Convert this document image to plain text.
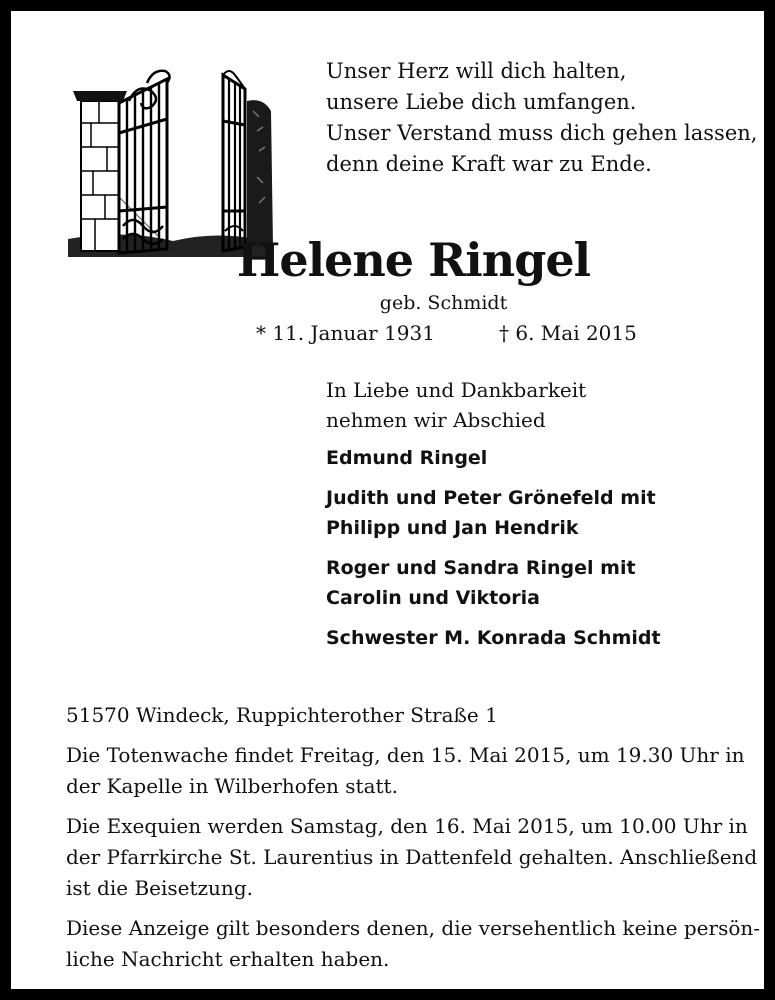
Unser Herz will dich halten,
unsere Liebe dich umfangen.
Unser Verstand muss dich gehen lassen,
denn deine Kraft war zu Ende.
Helene Ringel
geb. Schmidt
* 11. Januar 1931	† 6. Mai 2015
In Liebe und Dankbarkeit
nehmen wir Abschied
Edmund Ringel
Judith und Peter Grönefeld mit
Philipp und Jan Hendrik
Roger und Sandra Ringel mit
Carolin und Viktoria
Schwester M. Konrada Schmidt

51570 Windeck, Ruppichterother Straße 1

Die Totenwache findet Freitag, den 15. Mai 2015, um 19.30 Uhr in
der Kapelle in Wilberhofen statt.

Die Exequien werden Samstag, den 16. Mai 2015, um 10.00 Uhr in
der Pfarrkirche St. Laurentius in Dattenfeld gehalten. Anschließend
ist die Beisetzung.

Diese Anzeige gilt besonders denen, die versehentlich keine persön-
liche Nachricht erhalten haben.
